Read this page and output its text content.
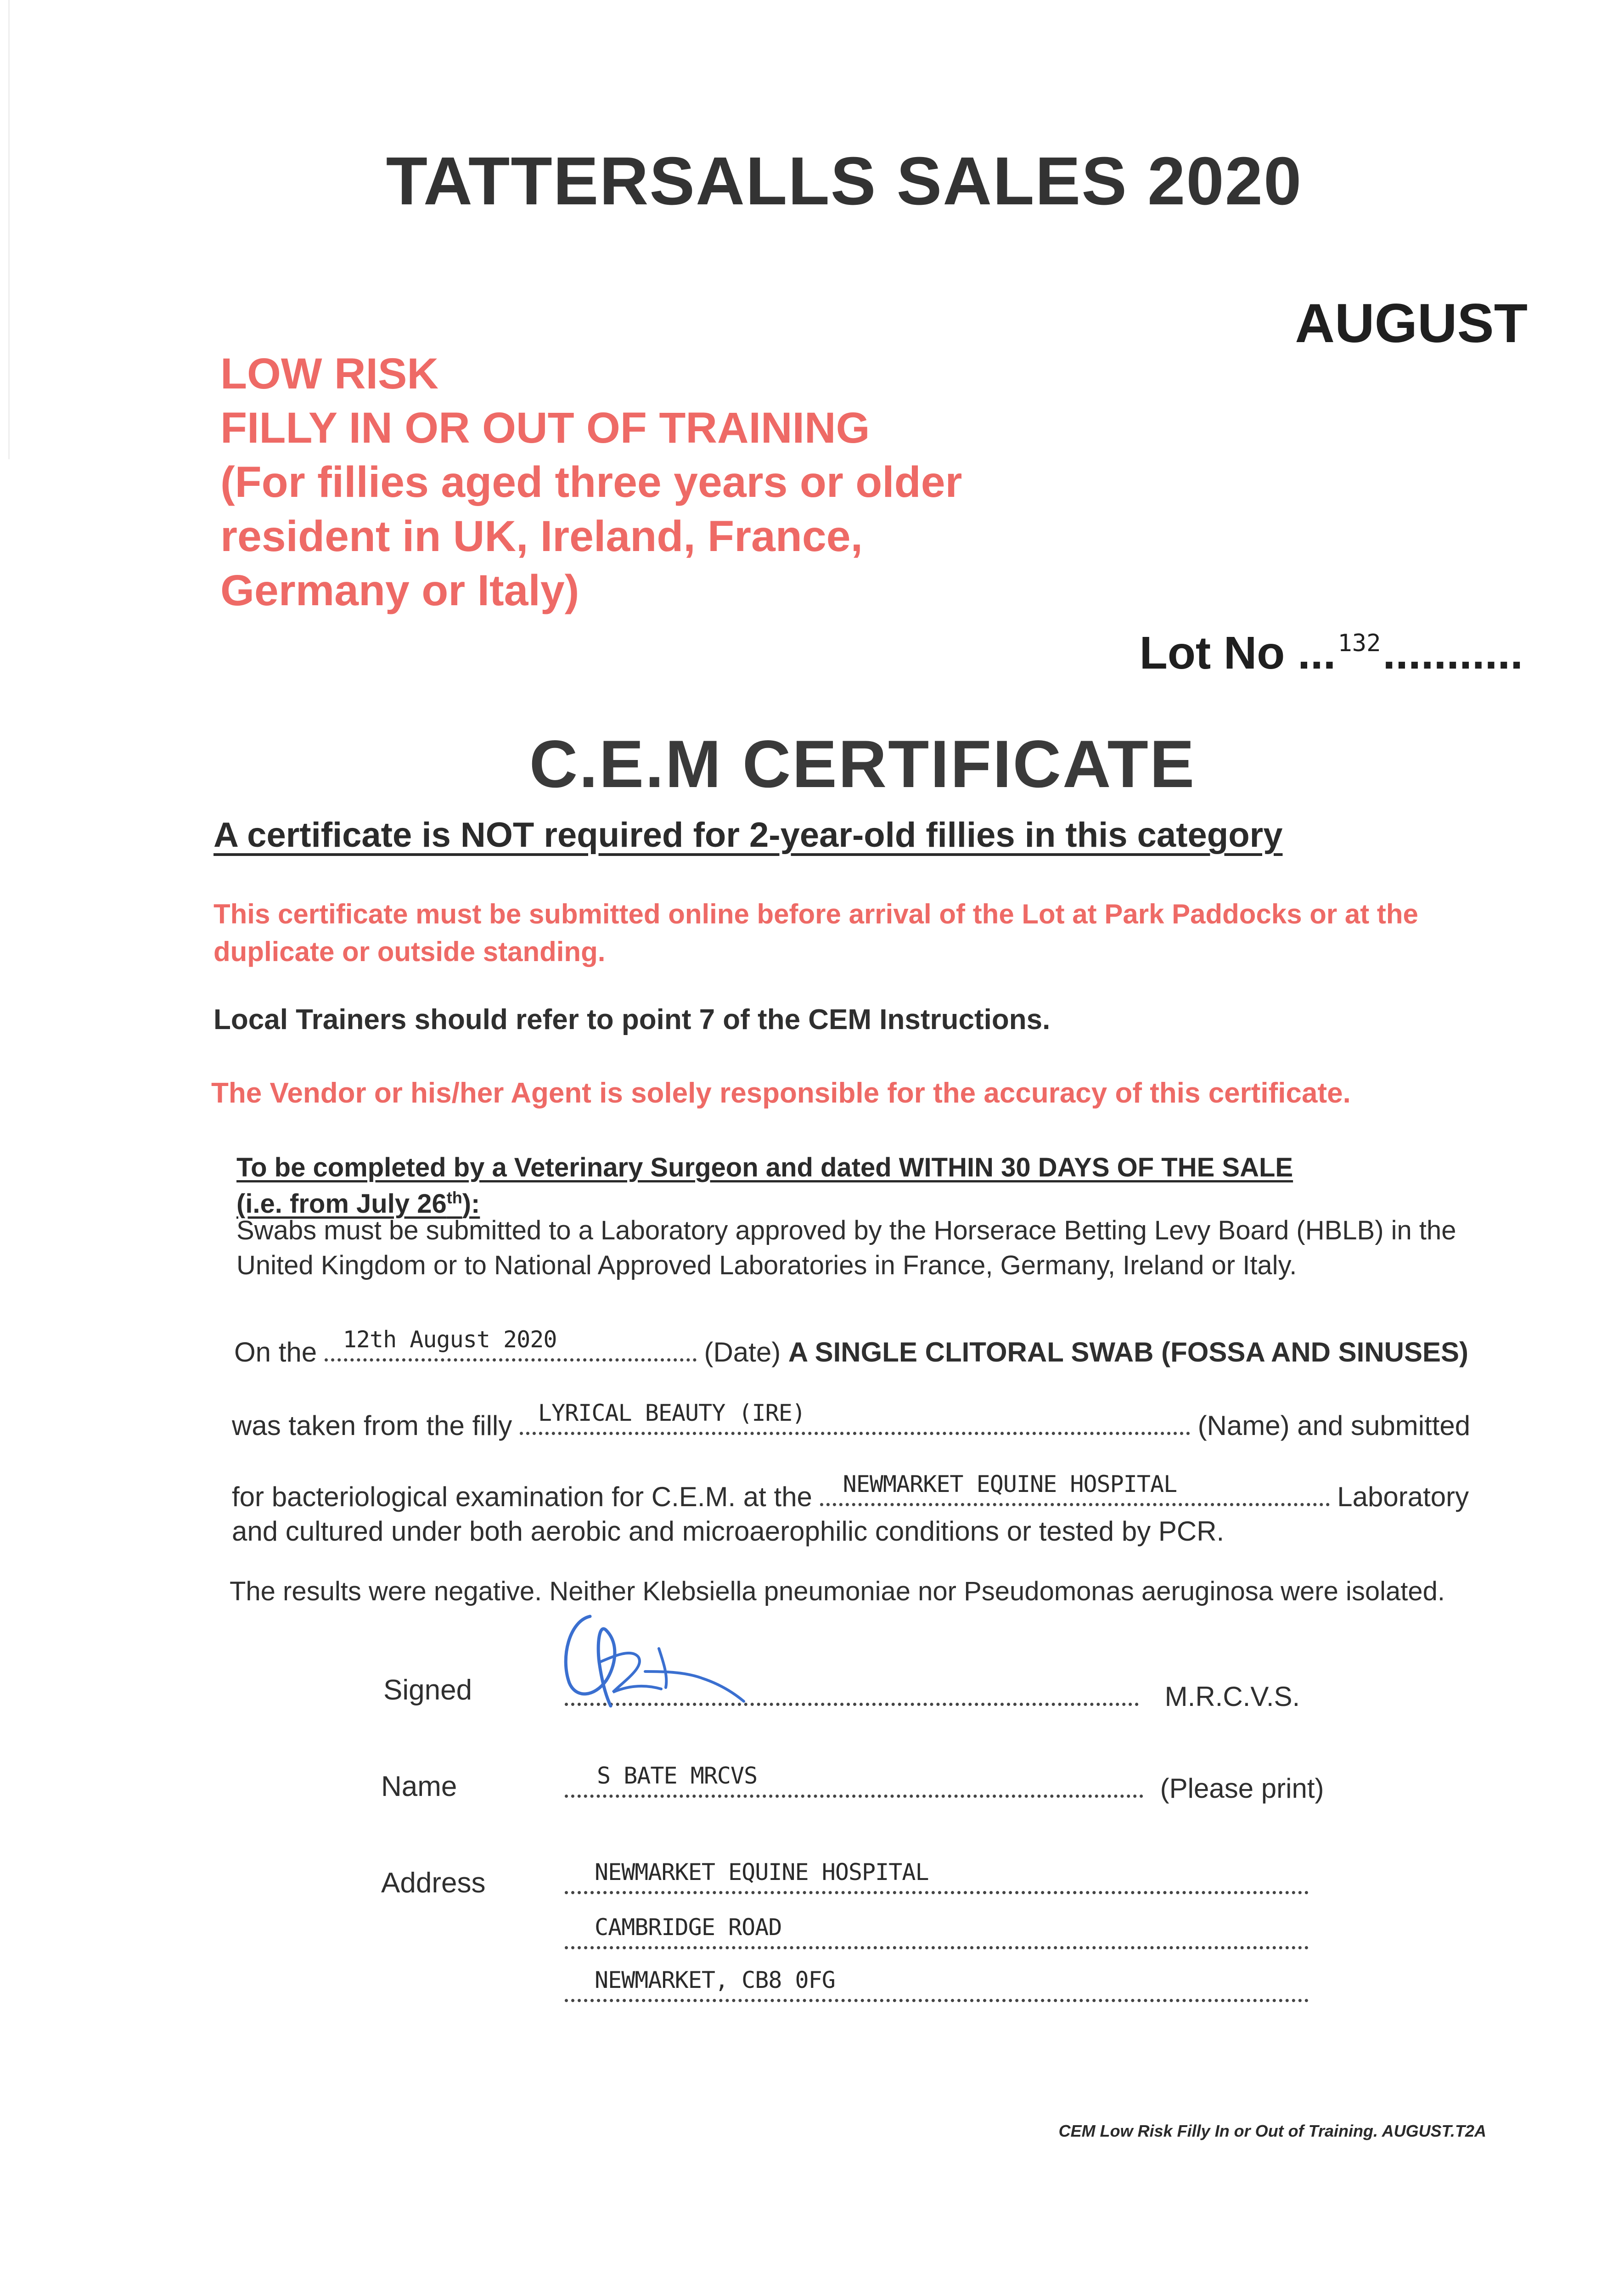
TATTERSALLS SALES 2020
AUGUST
LOW RISK
FILLY IN OR OUT OF TRAINING
(For fillies aged three years or older
resident in UK, Ireland, France,
Germany or Italy)
Lot No ...$^{132}$...........
C.E.M CERTIFICATE
A certificate is NOT required for 2-year-old fillies in this category
This certificate must be submitted online before arrival of the Lot at Park Paddocks or at the duplicate or outside standing.
Local Trainers should refer to point 7 of the CEM Instructions.
The Vendor or his/her Agent is solely responsible for the accuracy of this certificate.
To be completed by a Veterinary Surgeon and dated WITHIN 30 DAYS OF THE SALE
(i.e. from July 26th):
Swabs must be submitted to a Laboratory approved by the Horserace Betting Levy Board (HBLB) in the United Kingdom or to National Approved Laboratories in France, Germany, Ireland or Italy.
On the 12th August 2020	(Date) A SINGLE CLITORAL SWAB (FOSSA AND SINUSES)
was taken from the filly LYRICAL BEAUTY (IRE)	(Name) and submitted
for bacteriological examination for C.E.M. at the NEWMARKET EQUINE HOSPITAL	Laboratory
and cultured under both aerobic and microaerophilic conditions or tested by PCR.
The results were negative. Neither Klebsiella pneumoniae nor Pseudomonas aeruginosa were isolated.
Signed	M.R.C.V.S.
Name	S BATE MRCVS	(Please print)
Address	NEWMARKET EQUINE HOSPITAL
CAMBRIDGE ROAD
NEWMARKET, CB8 0FG
CEM Low Risk Filly In or Out of Training. AUGUST.T2A
